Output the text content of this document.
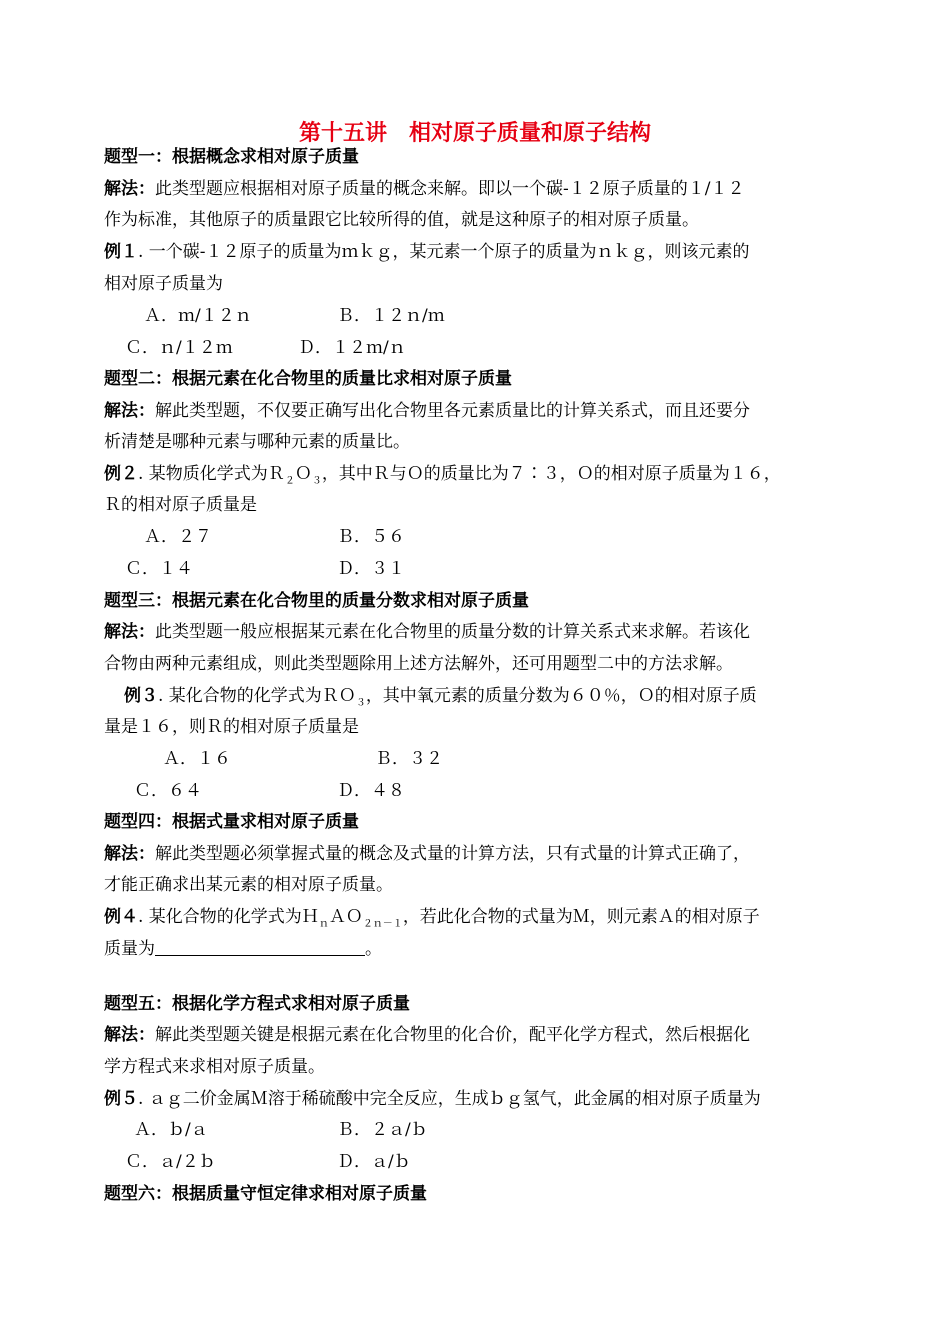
第十五讲　相对原子质量和原子结构
题型一：根据概念求相对原子质量
解法：此类型题应根据相对原子质量的概念来解。即以一个碳-１２原子质量的１/１２
作为标准，其他原子的质量跟它比较所得的值，就是这种原子的相对原子质量。
例１. 一个碳-１２原子的质量为ｍｋｇ，某元素一个原子的质量为ｎｋｇ，则该元素的
相对原子质量为
Ａ．ｍ/１２ｎ	Ｂ．１２ｎ/ｍ
Ｃ．ｎ/１２ｍ	Ｄ．１２ｍ/ｎ
题型二：根据元素在化合物里的质量比求相对原子质量
解法：解此类型题，不仅要正确写出化合物里各元素质量比的计算关系式，而且还要分
析清楚是哪种元素与哪种元素的质量比。
例２. 某物质化学式为Ｒ$_2$Ｏ$_3$，其中Ｒ与Ｏ的质量比为７∶３，Ｏ的相对原子质量为１６，
Ｒ的相对原子质量是
Ａ．２７	Ｂ．５６
Ｃ．１４	Ｄ．３１
题型三：根据元素在化合物里的质量分数求相对原子质量
解法：此类型题一般应根据某元素在化合物里的质量分数的计算关系式来求解。若该化
合物由两种元素组成，则此类型题除用上述方法解外，还可用题型二中的方法求解。
例３. 某化合物的化学式为ＲＯ$_3$，其中氧元素的质量分数为６０％，Ｏ的相对原子质
量是１６，则Ｒ的相对原子质量是
Ａ．１６	Ｂ．３２
Ｃ．６４	Ｄ．４８
题型四：根据式量求相对原子质量
解法：解此类型题必须掌握式量的概念及式量的计算方法，只有式量的计算式正确了，
才能正确求出某元素的相对原子质量。
例４. 某化合物的化学式为Ｈ$_n$ＡＯ$_{2n-1}$，若此化合物的式量为Ｍ，则元素Ａ的相对原子
质量为	。
题型五：根据化学方程式求相对原子质量
解法：解此类型题关键是根据元素在化合物里的化合价，配平化学方程式，然后根据化
学方程式来求相对原子质量。
例５. ａｇ二价金属Ｍ溶于稀硫酸中完全反应，生成ｂｇ氢气，此金属的相对原子质量为
Ａ．ｂ/ａ	Ｂ．２ａ/ｂ
Ｃ．ａ/２ｂ	Ｄ．ａ/ｂ
题型六：根据质量守恒定律求相对原子质量
